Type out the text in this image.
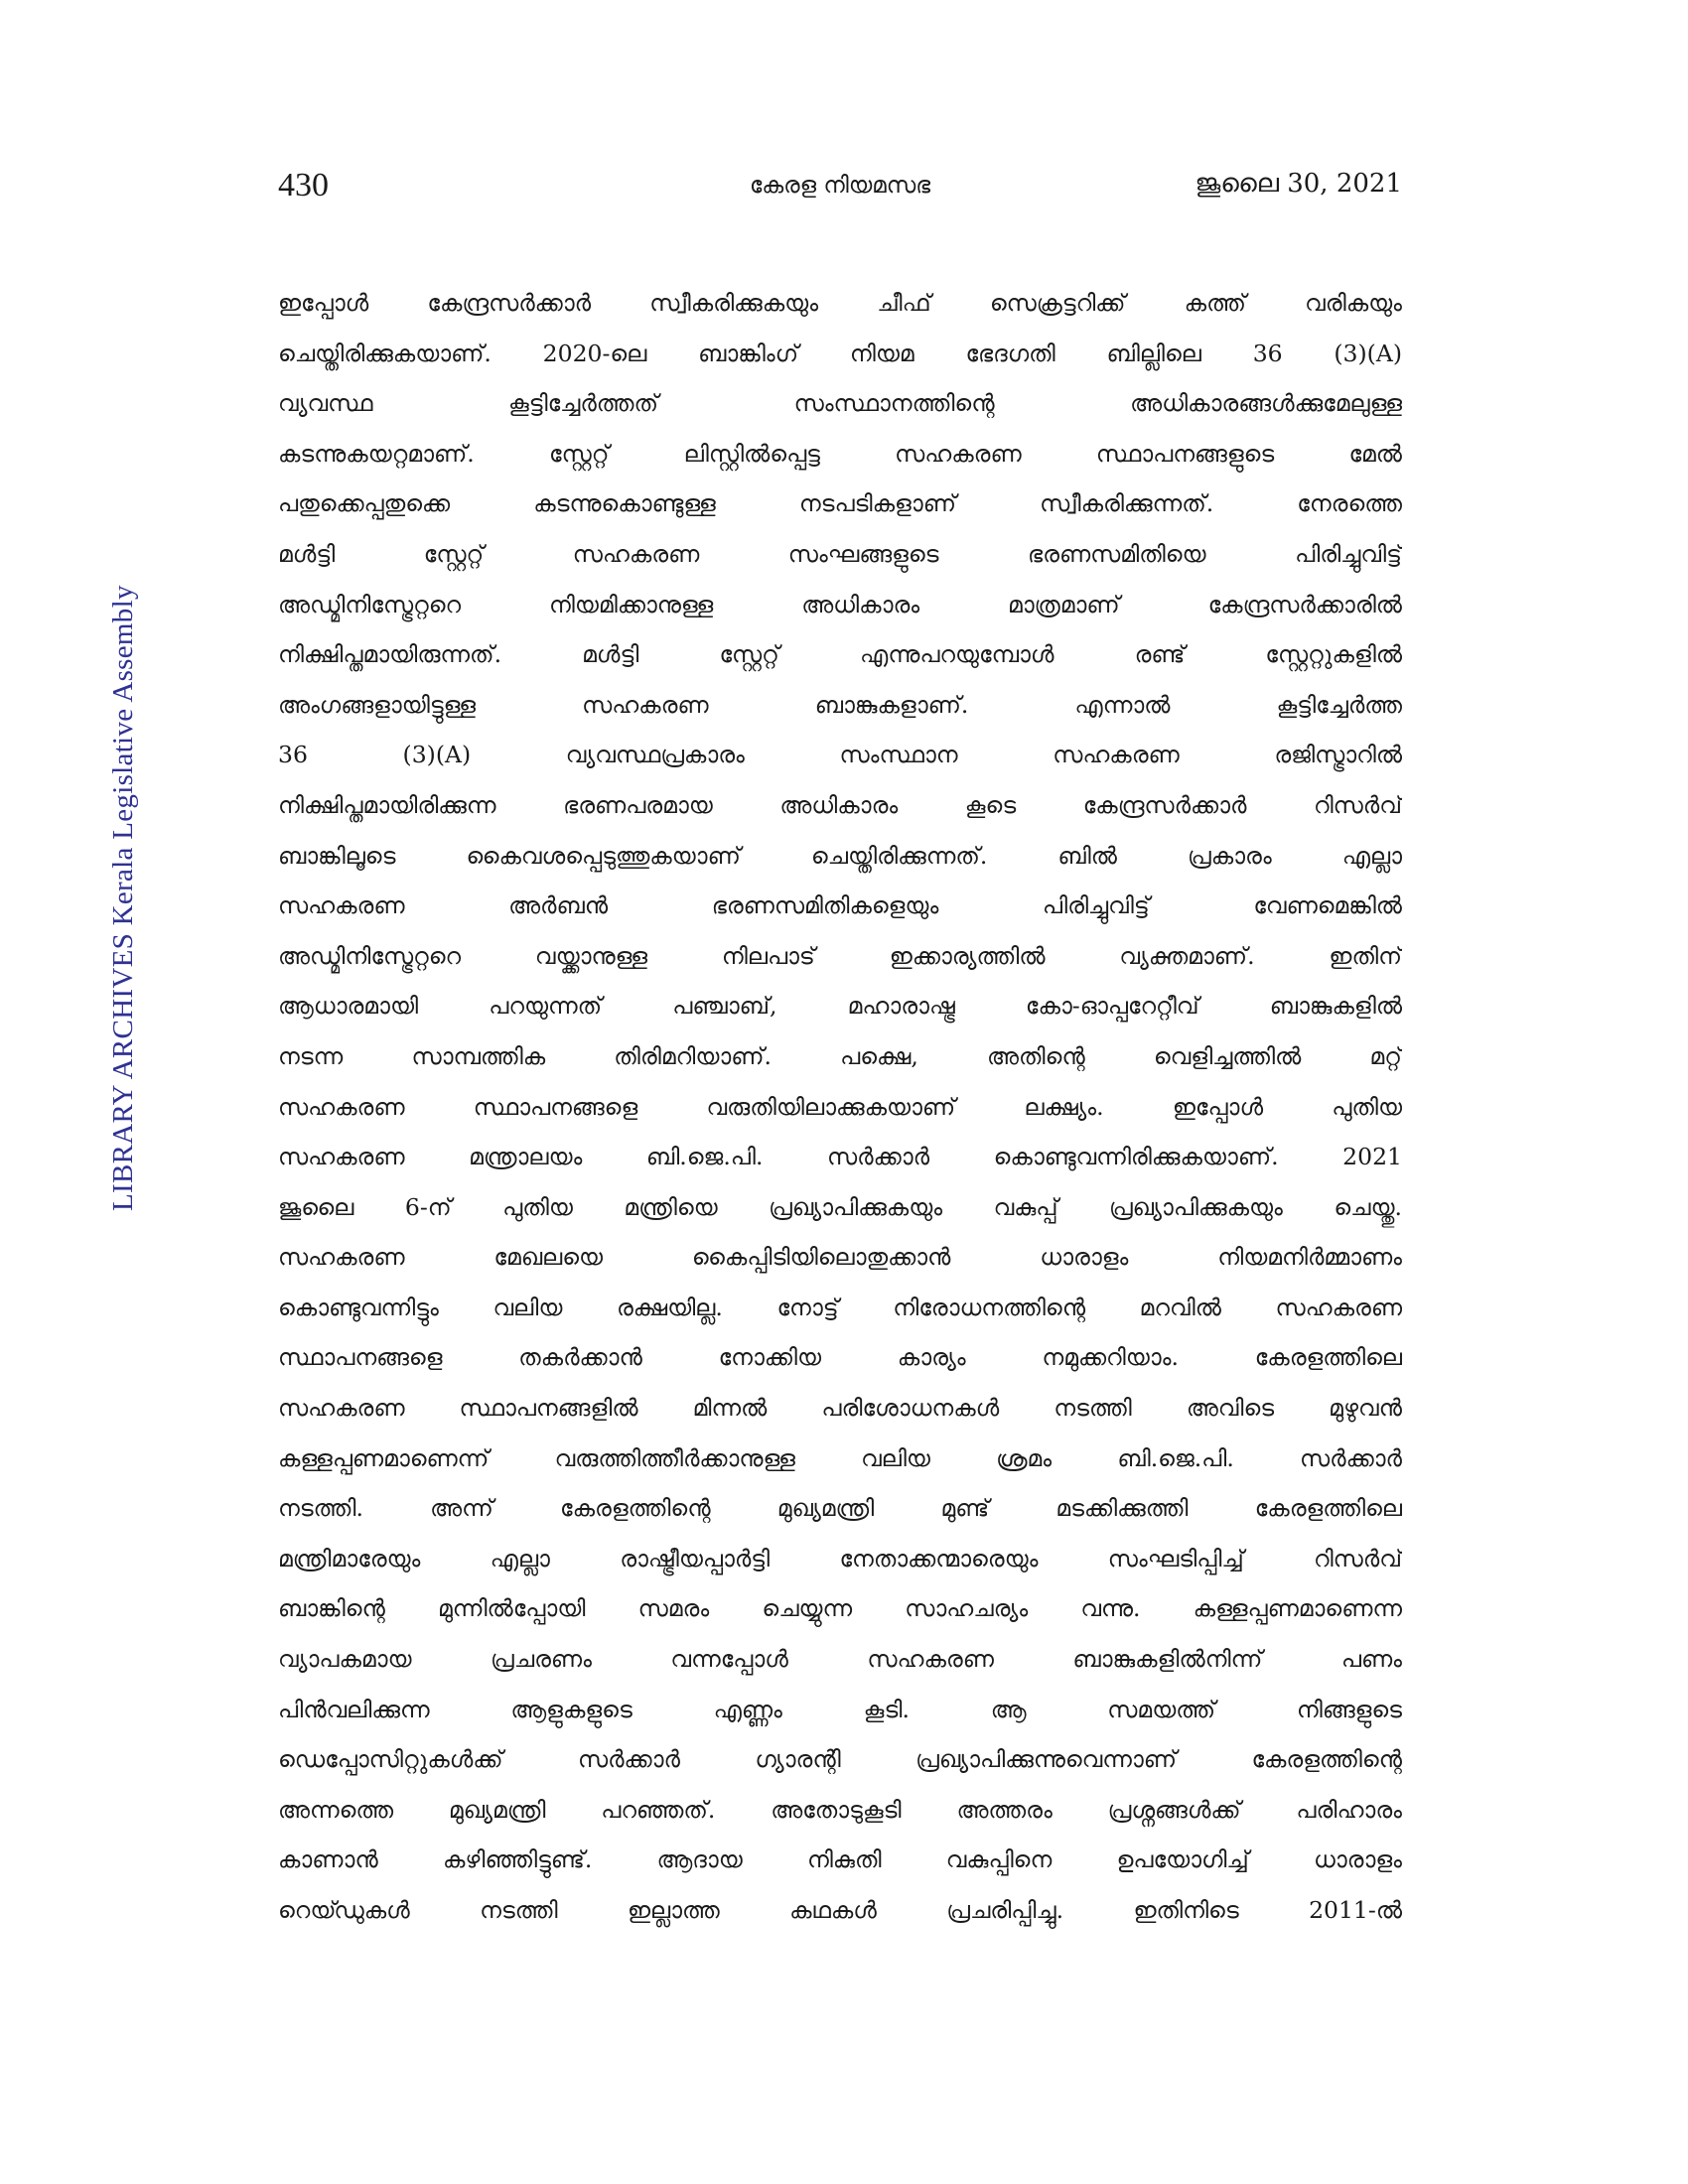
430	കേരള നിയമസഭ	ജൂലൈ 30, 2021
LIBRARY ARCHIVES Kerala Legislative Assembly
ഇപ്പോൾ കേന്ദ്രസർക്കാർ സ്വീകരിക്കുകയും ചീഫ് സെക്രട്ടറിക്ക് കത്ത് വരികയും
ചെയ്തിരിക്കുകയാണ്. 2020-ലെ ബാങ്കിംഗ് നിയമ ഭേദഗതി ബില്ലിലെ 36 (3)(A)
വ്യവസ്ഥ കൂട്ടിച്ചേർത്തത് സംസ്ഥാനത്തിന്റെ അധികാരങ്ങൾക്കുമേലുള്ള
കടന്നുകയറ്റമാണ്. സ്റ്റേറ്റ് ലിസ്റ്റിൽപ്പെട്ട സഹകരണ സ്ഥാപനങ്ങളുടെ മേൽ
പതുക്കെപ്പതുക്കെ കടന്നുകൊണ്ടുള്ള നടപടികളാണ് സ്വീകരിക്കുന്നത്. നേരത്തെ
മൾട്ടി സ്റ്റേറ്റ് സഹകരണ സംഘങ്ങളുടെ ഭരണസമിതിയെ പിരിച്ചുവിട്ട്
അഡ്മിനിസ്ട്രേറ്ററെ നിയമിക്കാനുള്ള അധികാരം മാത്രമാണ് കേന്ദ്രസർക്കാരിൽ
നിക്ഷിപ്തമായിരുന്നത്. മൾട്ടി സ്റ്റേറ്റ് എന്നുപറയുമ്പോൾ രണ്ട് സ്റ്റേറ്റുകളിൽ
അംഗങ്ങളായിട്ടുള്ള സഹകരണ ബാങ്കുകളാണ്. എന്നാൽ കൂട്ടിച്ചേർത്ത
36 (3)(A) വ്യവസ്ഥപ്രകാരം സംസ്ഥാന സഹകരണ രജിസ്ട്രാറിൽ
നിക്ഷിപ്തമായിരിക്കുന്ന ഭരണപരമായ അധികാരം കൂടെ കേന്ദ്രസർക്കാർ റിസർവ്
ബാങ്കിലൂടെ കൈവശപ്പെടുത്തുകയാണ് ചെയ്തിരിക്കുന്നത്. ബിൽ പ്രകാരം എല്ലാ
സഹകരണ അർബൻ ഭരണസമിതികളെയും പിരിച്ചുവിട്ട് വേണമെങ്കിൽ
അഡ്മിനിസ്ട്രേറ്ററെ വയ്ക്കാനുള്ള നിലപാട് ഇക്കാര്യത്തിൽ വ്യക്തമാണ്. ഇതിന്
ആധാരമായി പറയുന്നത് പഞ്ചാബ്, മഹാരാഷ്ട്ര കോ-ഓപ്പറേറ്റീവ് ബാങ്കുകളിൽ
നടന്ന സാമ്പത്തിക തിരിമറിയാണ്. പക്ഷെ, അതിന്റെ വെളിച്ചത്തിൽ മറ്റ്
സഹകരണ സ്ഥാപനങ്ങളെ വരുതിയിലാക്കുകയാണ് ലക്ഷ്യം. ഇപ്പോൾ പുതിയ
സഹകരണ മന്ത്രാലയം ബി.ജെ.പി. സർക്കാർ കൊണ്ടുവന്നിരിക്കുകയാണ്. 2021
ജൂലൈ 6-ന് പുതിയ മന്ത്രിയെ പ്രഖ്യാപിക്കുകയും വകുപ്പ് പ്രഖ്യാപിക്കുകയും ചെയ്തു.
സഹകരണ മേഖലയെ കൈപ്പിടിയിലൊതുക്കാൻ ധാരാളം നിയമനിർമ്മാണം
കൊണ്ടുവന്നിട്ടും വലിയ രക്ഷയില്ല. നോട്ട് നിരോധനത്തിന്റെ മറവിൽ സഹകരണ
സ്ഥാപനങ്ങളെ തകർക്കാൻ നോക്കിയ കാര്യം നമുക്കറിയാം. കേരളത്തിലെ
സഹകരണ സ്ഥാപനങ്ങളിൽ മിന്നൽ പരിശോധനകൾ നടത്തി അവിടെ മുഴുവൻ
കള്ളപ്പണമാണെന്ന് വരുത്തിത്തീർക്കാനുള്ള വലിയ ശ്രമം ബി.ജെ.പി. സർക്കാർ
നടത്തി. അന്ന് കേരളത്തിന്റെ മുഖ്യമന്ത്രി മുണ്ട് മടക്കിക്കുത്തി കേരളത്തിലെ
മന്ത്രിമാരേയും എല്ലാ രാഷ്ട്രീയപ്പാർട്ടി നേതാക്കന്മാരെയും സംഘടിപ്പിച്ച് റിസർവ്
ബാങ്കിന്റെ മുന്നിൽപ്പോയി സമരം ചെയ്യുന്ന സാഹചര്യം വന്നു. കള്ളപ്പണമാണെന്ന
വ്യാപകമായ പ്രചരണം വന്നപ്പോൾ സഹകരണ ബാങ്കുകളിൽനിന്ന് പണം
പിൻവലിക്കുന്ന ആളുകളുടെ എണ്ണം കൂടി. ആ സമയത്ത് നിങ്ങളുടെ
ഡെപ്പോസിറ്റുകൾക്ക് സർക്കാർ ഗ്യാരന്റി പ്രഖ്യാപിക്കുന്നുവെന്നാണ് കേരളത്തിന്റെ
അന്നത്തെ മുഖ്യമന്ത്രി പറഞ്ഞത്. അതോടുകൂടി അത്തരം പ്രശ്നങ്ങൾക്ക് പരിഹാരം
കാണാൻ കഴിഞ്ഞിട്ടുണ്ട്. ആദായ നികുതി വകുപ്പിനെ ഉപയോഗിച്ച് ധാരാളം
റെയ്ഡുകൾ നടത്തി ഇല്ലാത്ത കഥകൾ പ്രചരിപ്പിച്ചു. ഇതിനിടെ 2011-ൽ
